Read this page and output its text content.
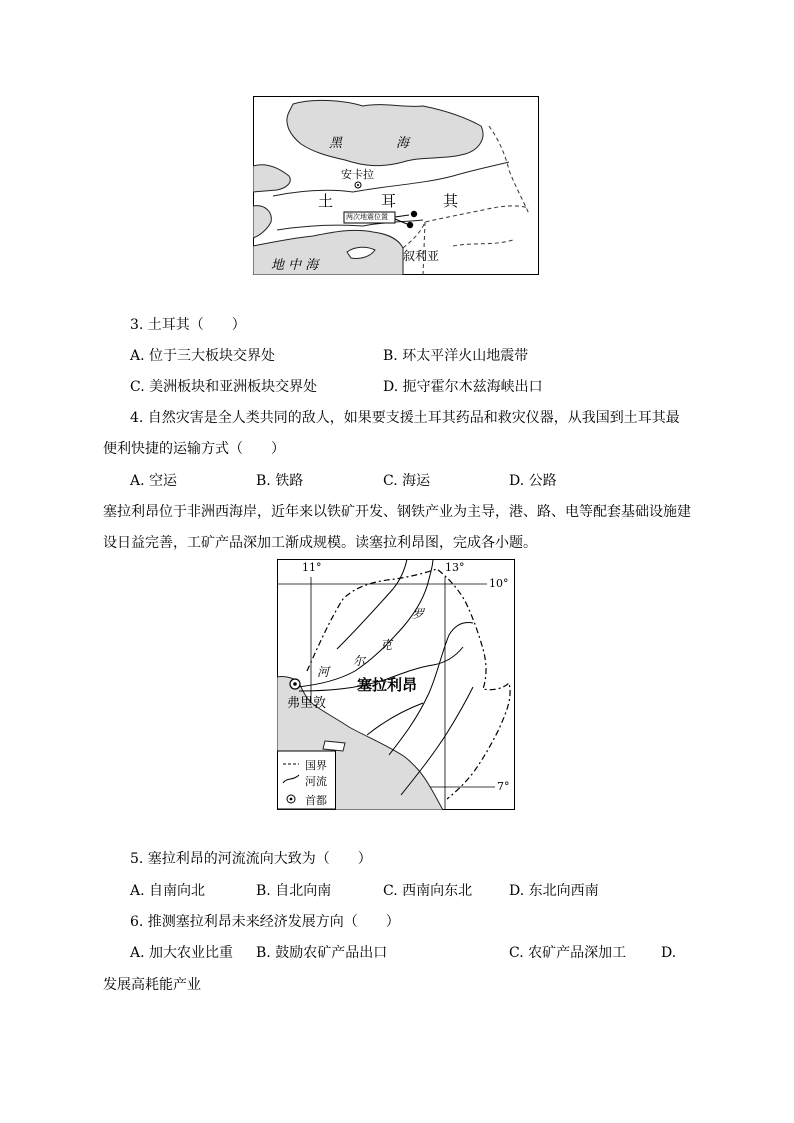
黑	海
安卡拉
土	耳	其
两次地震位置
叙利亚
地 中 海
3. 土耳其（　　）
A. 位于三大板块交界处	B. 环太平洋火山地震带
C. 美洲板块和亚洲板块交界处	D. 扼守霍尔木兹海峡出口
4. 自然灾害是全人类共同的敌人，如果要支援土耳其药品和救灾仪器，从我国到土耳其最
便利快捷的运输方式（　　）
A. 空运	B. 铁路	C. 海运	D. 公路
塞拉利昂位于非洲西海岸，近年来以铁矿开发、钢铁产业为主导，港、路、电等配套基础设施建
设日益完善，工矿产品深加工渐成规模。读塞拉利昂图，完成各小题。
11°	13°
10°
7°
罗
克
尔
河
塞拉利昂
弗里敦
国界
河流
首都
5. 塞拉利昂的河流流向大致为（　　）
A. 自南向北	B. 自北向南	C. 西南向东北	D. 东北向西南
6. 推测塞拉利昂未来经济发展方向（　　）
A. 加大农业比重 B. 鼓励农矿产品出口	C. 农矿产品深加工 D.
发展高耗能产业
